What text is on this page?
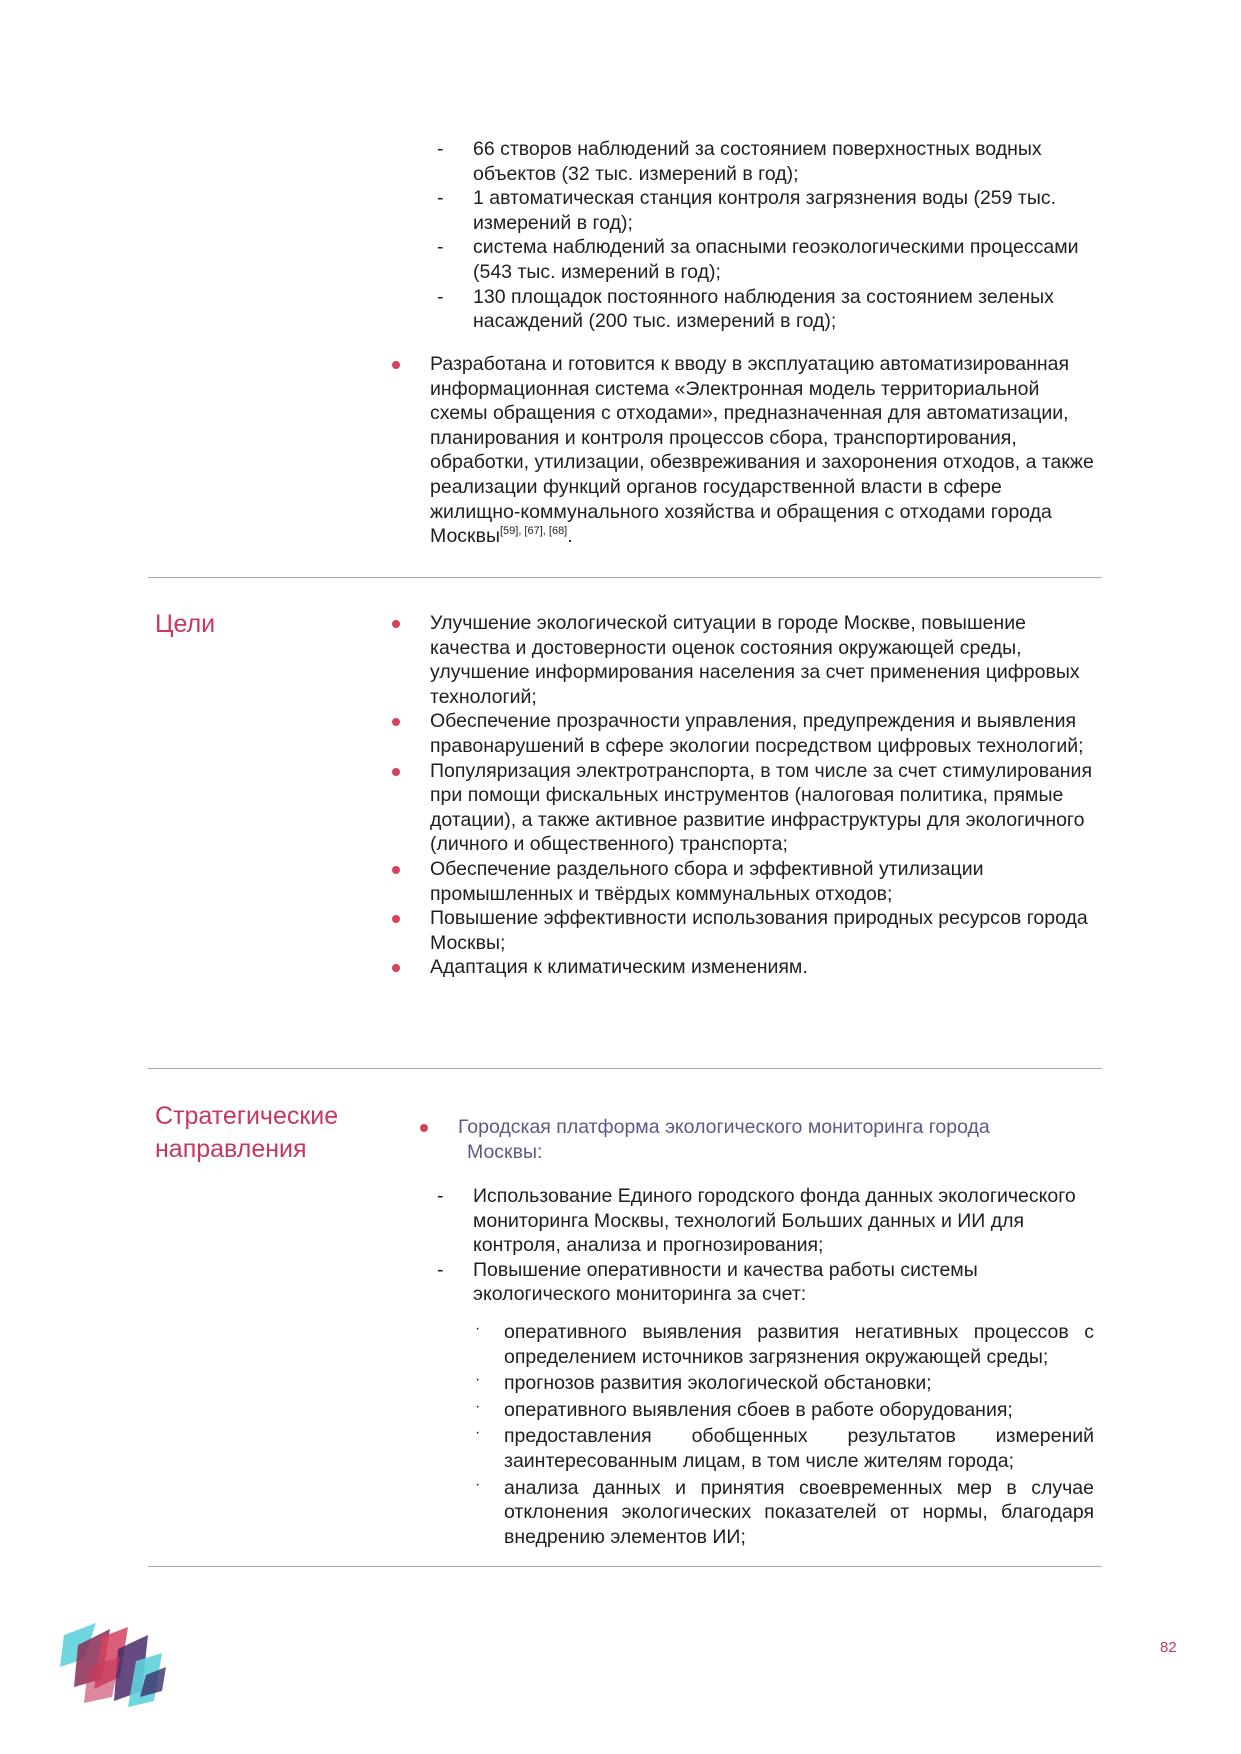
- 66 створов наблюдений за состоянием поверхностных водных объектов (32 тыс. измерений в год);
- 1 автоматическая станция контроля загрязнения воды (259 тыс. измерений в год);
- система наблюдений за опасными геоэкологическими процессами (543 тыс. измерений в год);
- 130 площадок постоянного наблюдения за состоянием зеленых насаждений (200 тыс. измерений в год);
Разработана и готовится к вводу в эксплуатацию автоматизированная информационная система «Электронная модель территориальной схемы обращения с отходами», предназначенная для автоматизации, планирования и контроля процессов сбора, транспортирования, обработки, утилизации, обезвреживания и захоронения отходов, а также реализации функций органов государственной власти в сфере жилищно-коммунального хозяйства и обращения с отходами города Москвы[59], [67], [68].
Цели	Улучшение экологической ситуации в городе Москве, повышение качества и достоверности оценок состояния окружающей среды, улучшение информирования населения за счет применения цифровых технологий;
Обеспечение прозрачности управления, предупреждения и выявления правонарушений в сфере экологии посредством цифровых технологий;
Популяризация электротранспорта, в том числе за счет стимулирования при помощи фискальных инструментов (налоговая политика, прямые дотации), а также активное развитие инфраструктуры для экологичного (личного и общественного) транспорта;
Обеспечение раздельного сбора и эффективной утилизации промышленных и твёрдых коммунальных отходов;
Повышение эффективности использования природных ресурсов города Москвы;
Адаптация к климатическим изменениям.
Стратегические
направления
Городская платформа экологического мониторинга города Москвы:
- Использование Единого городского фонда данных экологического мониторинга Москвы, технологий Больших данных и ИИ для контроля, анализа и прогнозирования;
- Повышение оперативности и качества работы системы экологического мониторинга за счет:
· оперативного выявления развития негативных процессов с определением источников загрязнения окружающей среды;
· прогнозов развития экологической обстановки;
· оперативного выявления сбоев в работе оборудования;
· предоставления обобщенных результатов измерений заинтересованным лицам, в том числе жителям города;
· анализа данных и принятия своевременных мер в случае отклонения экологических показателей от нормы, благодаря внедрению элементов ИИ;
82
